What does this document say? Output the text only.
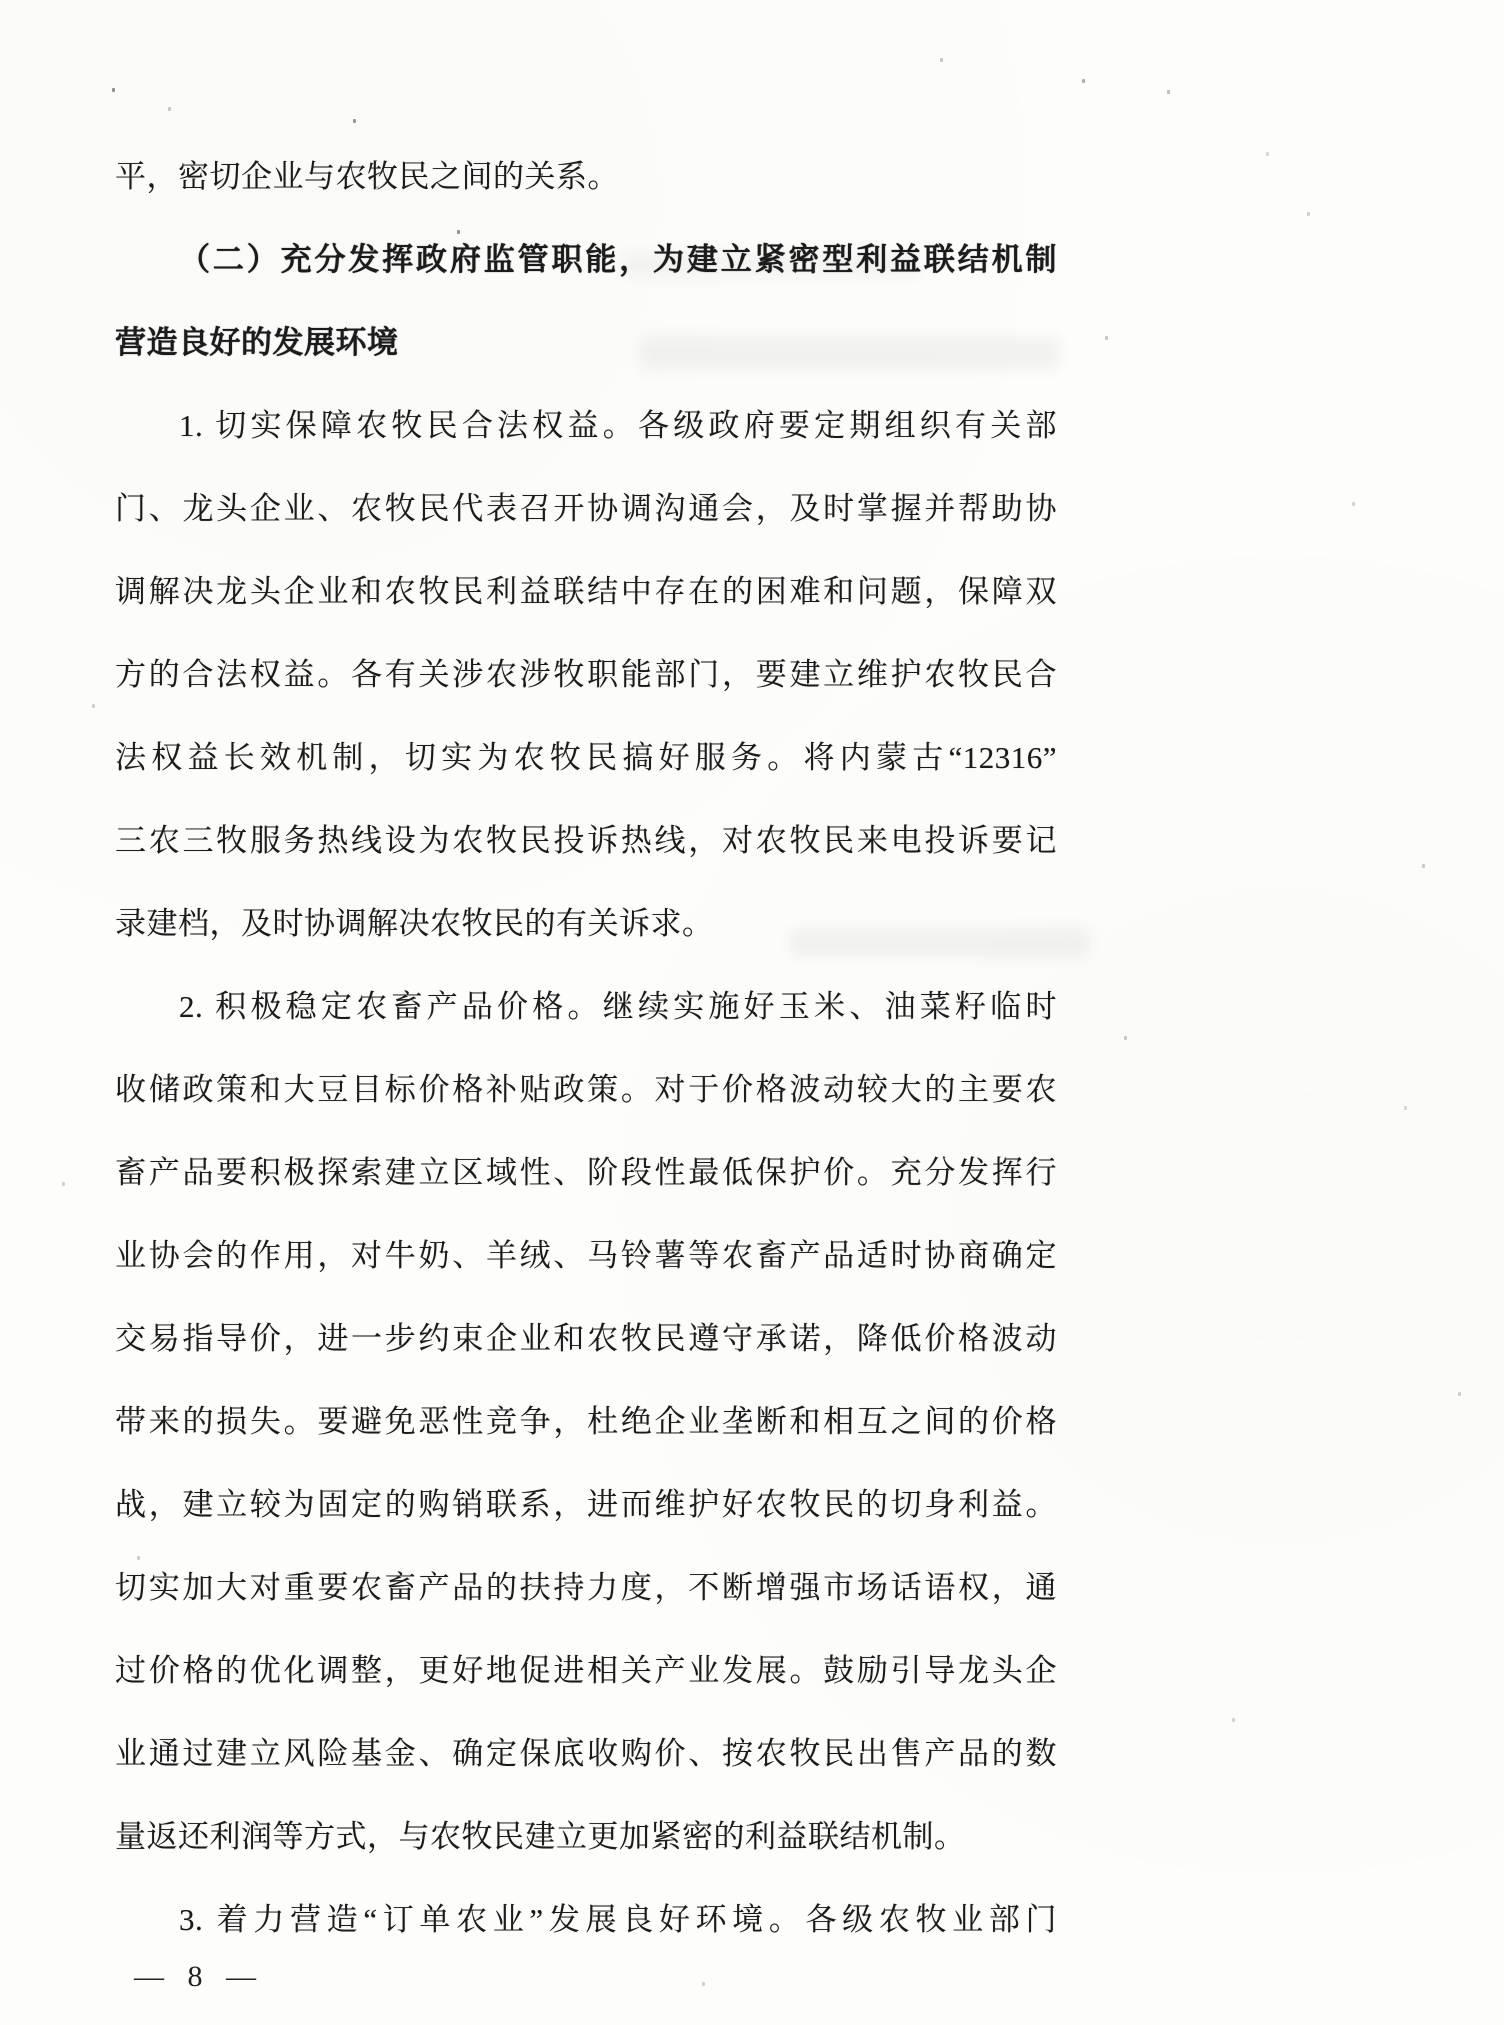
平，密切企业与农牧民之间的关系。
（二）充分发挥政府监管职能，为建立紧密型利益联结机制
营造良好的发展环境
1. 切实保障农牧民合法权益。各级政府要定期组织有关部
门、龙头企业、农牧民代表召开协调沟通会，及时掌握并帮助协
调解决龙头企业和农牧民利益联结中存在的困难和问题，保障双
方的合法权益。各有关涉农涉牧职能部门，要建立维护农牧民合
法权益长效机制，切实为农牧民搞好服务。将内蒙古“12316”
三农三牧服务热线设为农牧民投诉热线，对农牧民来电投诉要记
录建档，及时协调解决农牧民的有关诉求。
2. 积极稳定农畜产品价格。继续实施好玉米、油菜籽临时
收储政策和大豆目标价格补贴政策。对于价格波动较大的主要农
畜产品要积极探索建立区域性、阶段性最低保护价。充分发挥行
业协会的作用，对牛奶、羊绒、马铃薯等农畜产品适时协商确定
交易指导价，进一步约束企业和农牧民遵守承诺，降低价格波动
带来的损失。要避免恶性竞争，杜绝企业垄断和相互之间的价格
战，建立较为固定的购销联系，进而维护好农牧民的切身利益。
切实加大对重要农畜产品的扶持力度，不断增强市场话语权，通
过价格的优化调整，更好地促进相关产业发展。鼓励引导龙头企
业通过建立风险基金、确定保底收购价、按农牧民出售产品的数
量返还利润等方式，与农牧民建立更加紧密的利益联结机制。
3. 着力营造“订单农业”发展良好环境。各级农牧业部门
— 8 —
